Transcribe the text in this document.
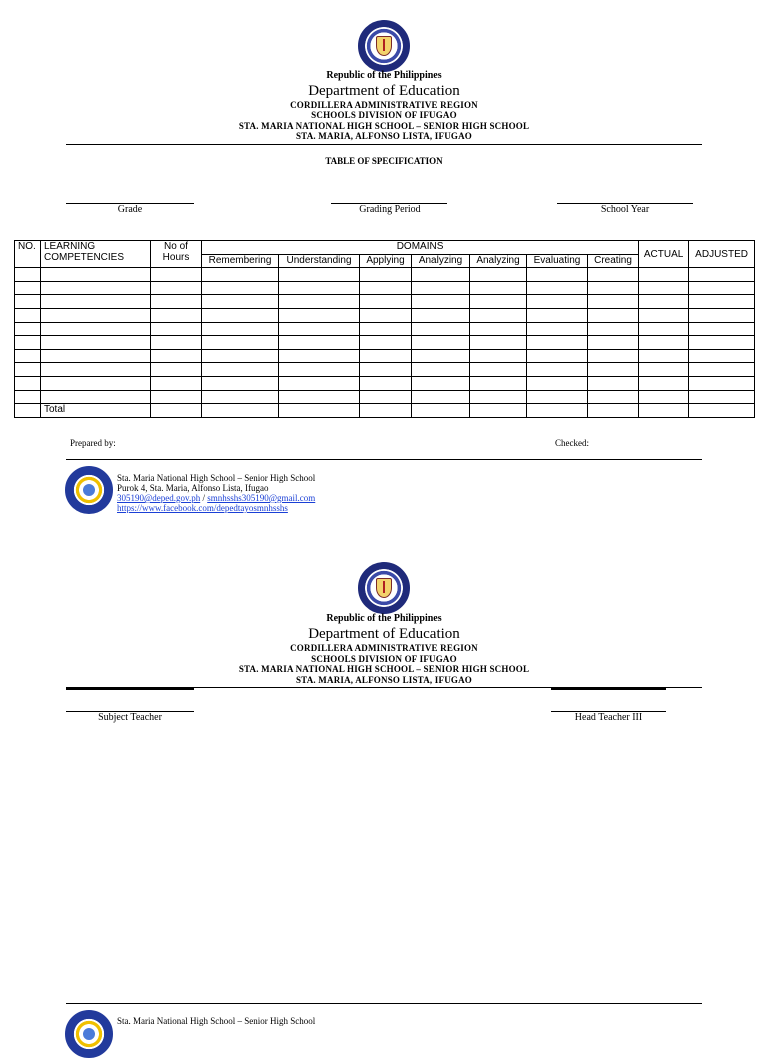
Republic of the Philippines
Department of Education
CORDILLERA ADMINISTRATIVE REGION
SCHOOLS DIVISION OF IFUGAO
STA. MARIA NATIONAL HIGH SCHOOL – SENIOR HIGH SCHOOL
STA. MARIA, ALFONSO LISTA, IFUGAO
TABLE OF SPECIFICATION
Grade	Grading Period	School Year
NO.	LEARNING COMPETENCIES	No of Hours	DOMAINS							ACTUAL	ADJUSTED
			Remembering	Understanding	Applying	Analyzing	Analyzing	Evaluating	Creating		

	Total										
Prepared by:	Checked:
Sta. Maria National High School – Senior High School
Purok 4, Sta. Maria, Alfonso Lista, Ifugao
305190@deped.gov.ph / smnhsshs305190@gmail.com
https://www.facebook.com/depedtayosmnhsshs
Republic of the Philippines
Department of Education
CORDILLERA ADMINISTRATIVE REGION
SCHOOLS DIVISION OF IFUGAO
STA. MARIA NATIONAL HIGH SCHOOL – SENIOR HIGH SCHOOL
STA. MARIA, ALFONSO LISTA, IFUGAO
Subject Teacher	Head Teacher III
Sta. Maria National High School – Senior High School
